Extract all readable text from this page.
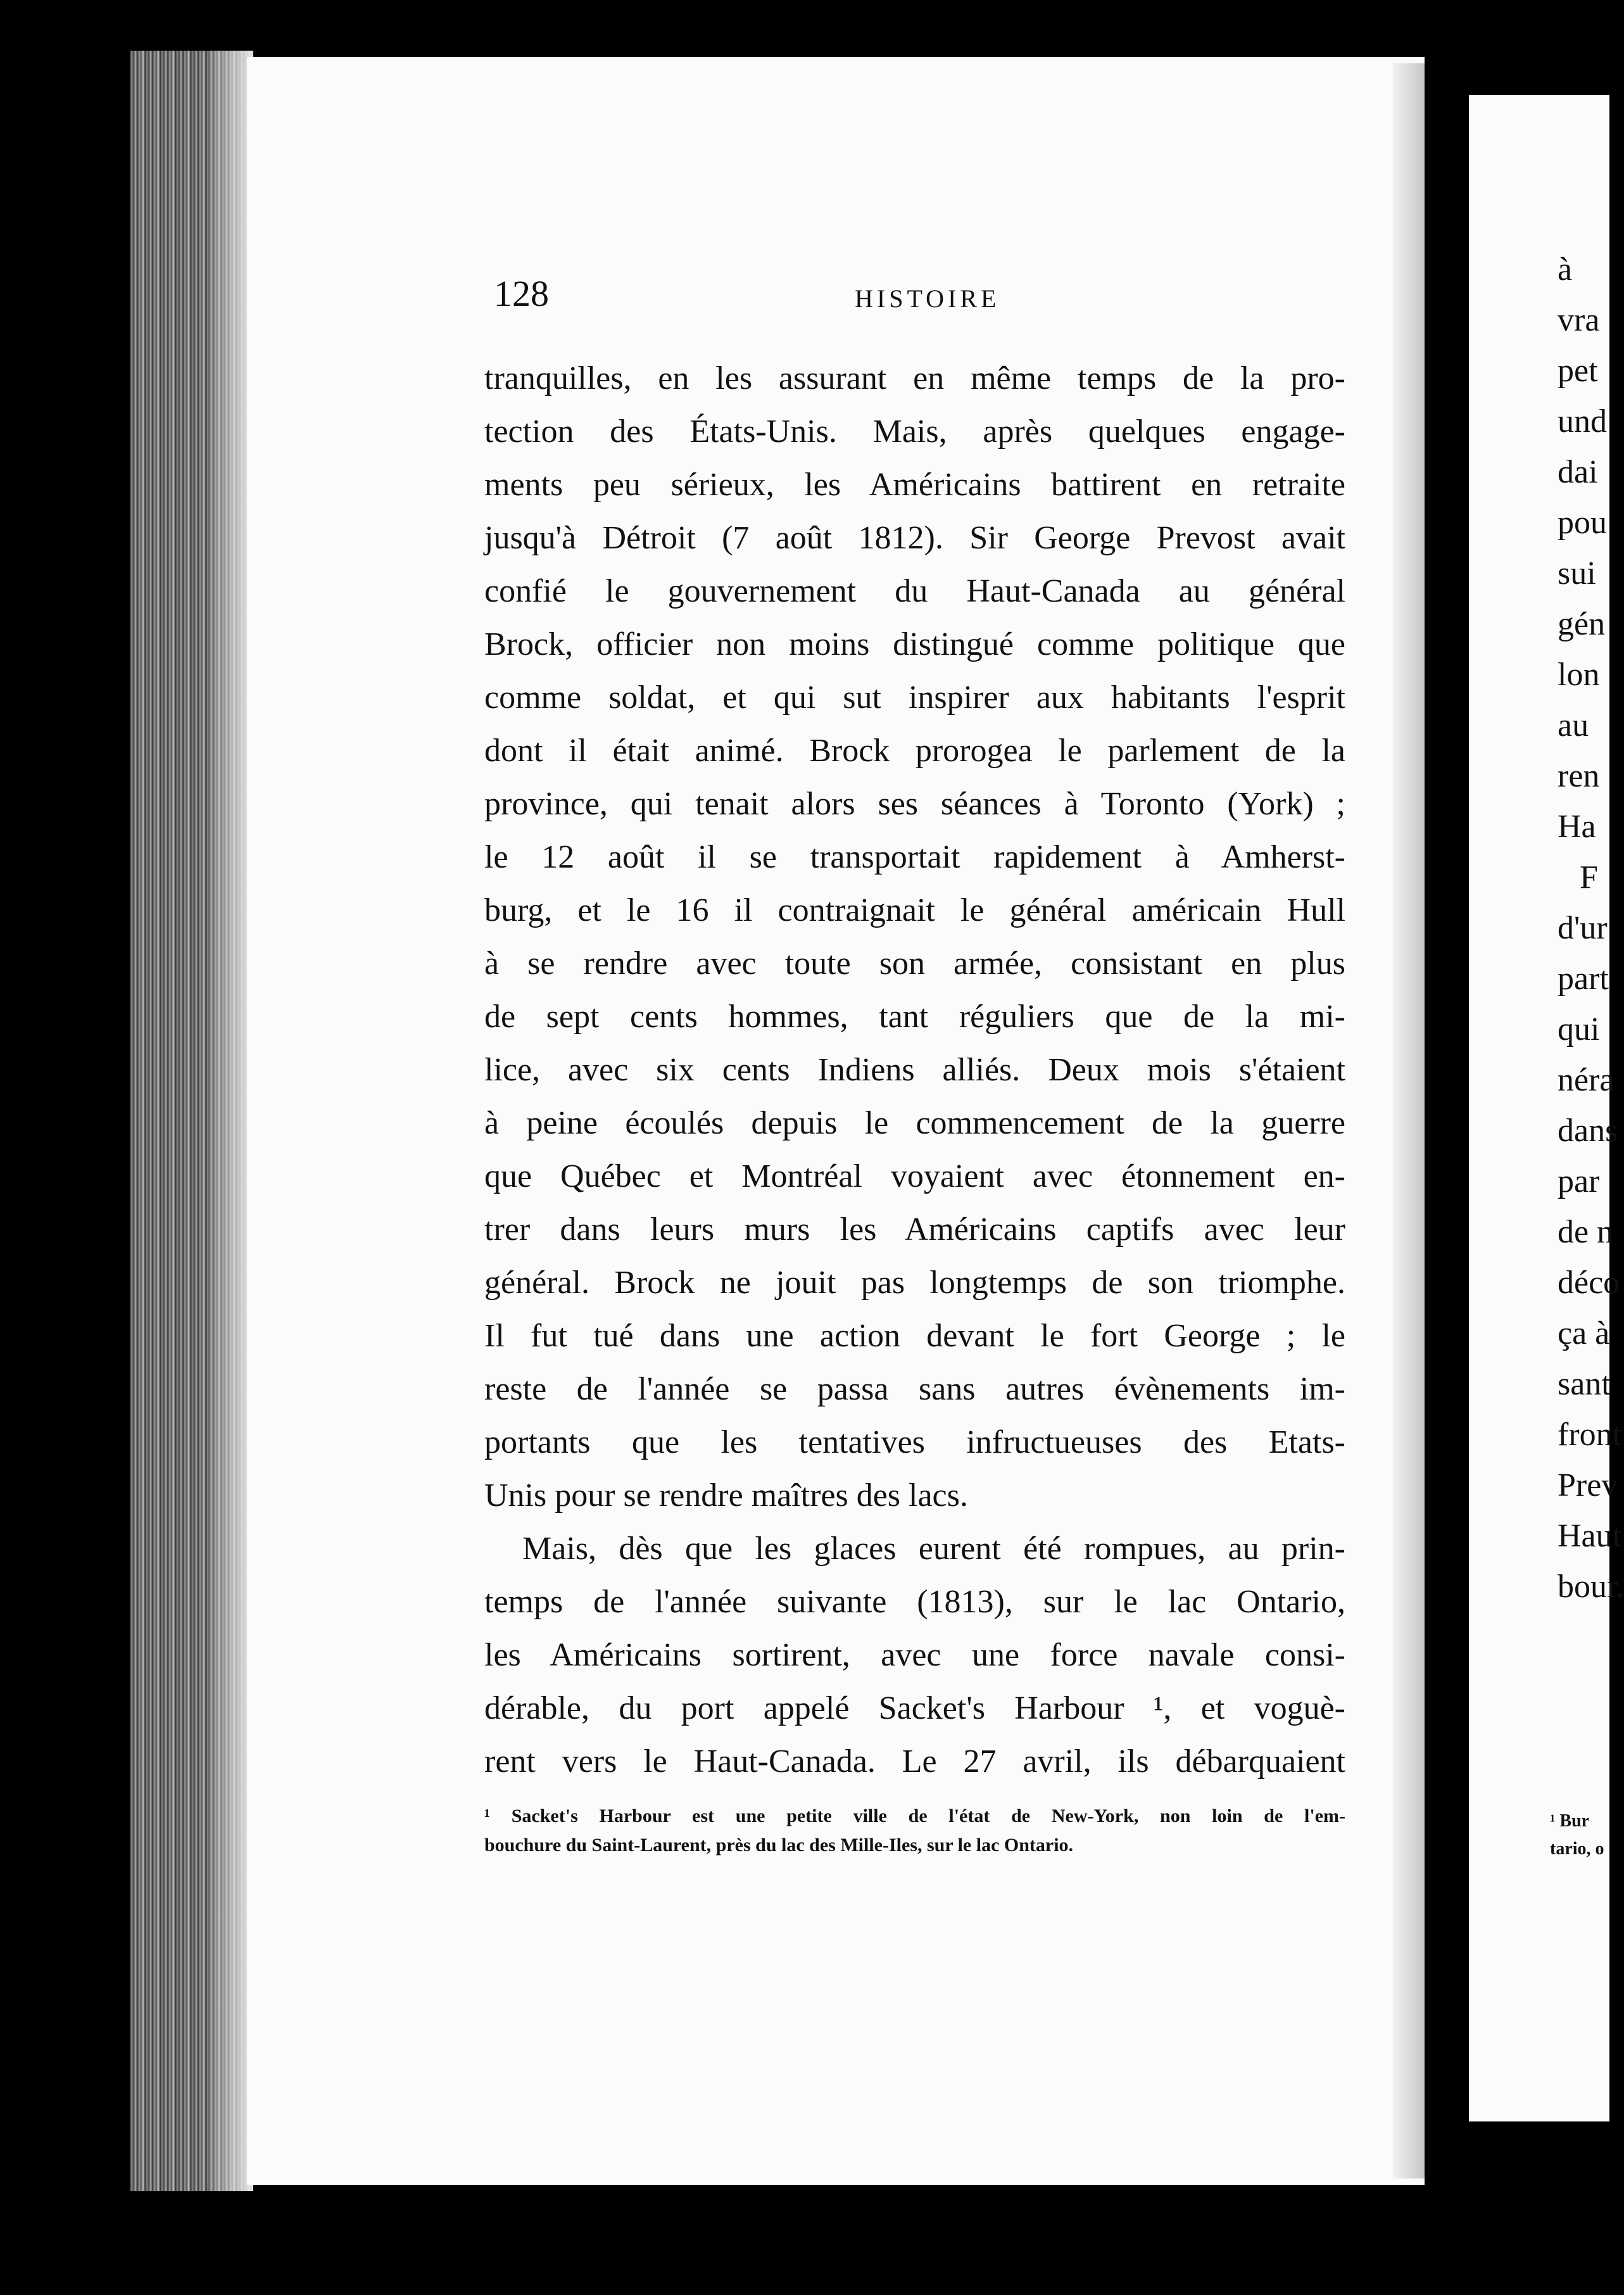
128	HISTOIRE
tranquilles, en les assurant en même temps de la pro-
tection des États-Unis. Mais, après quelques engage-
ments peu sérieux, les Américains battirent en retraite
jusqu'à Détroit (7 août 1812). Sir George Prevost avait
confié le gouvernement du Haut-Canada au général
Brock, officier non moins distingué comme politique que
comme soldat, et qui sut inspirer aux habitants l'esprit
dont il était animé. Brock prorogea le parlement de la
province, qui tenait alors ses séances à Toronto (York) ;
le 12 août il se transportait rapidement à Amherst-
burg, et le 16 il contraignait le général américain Hull
à se rendre avec toute son armée, consistant en plus
de sept cents hommes, tant réguliers que de la mi-
lice, avec six cents Indiens alliés. Deux mois s'étaient
à peine écoulés depuis le commencement de la guerre
que Québec et Montréal voyaient avec étonnement en-
trer dans leurs murs les Américains captifs avec leur
général. Brock ne jouit pas longtemps de son triomphe.
Il fut tué dans une action devant le fort George ; le
reste de l'année se passa sans autres évènements im-
portants que les tentatives infructueuses des Etats-
Unis pour se rendre maîtres des lacs.
Mais, dès que les glaces eurent été rompues, au prin-
temps de l'année suivante (1813), sur le lac Ontario,
les Américains sortirent, avec une force navale consi-
dérable, du port appelé Sacket's Harbour ¹, et voguè-
rent vers le Haut-Canada. Le 27 avril, ils débarquaient
¹ Sacket's Harbour est une petite ville de l'état de New-York, non loin de l'em-
bouchure du Saint-Laurent, près du lac des Mille-Iles, sur le lac Ontario.
à
vra
pet
und
dai
pou
sui
gén
lon
au
ren
Ha
F
d'ur
part
qui
néra
dans
par
de n
déco
ça à
sant
front
Prev
Haut
bour.
¹ Bur
tario, o
